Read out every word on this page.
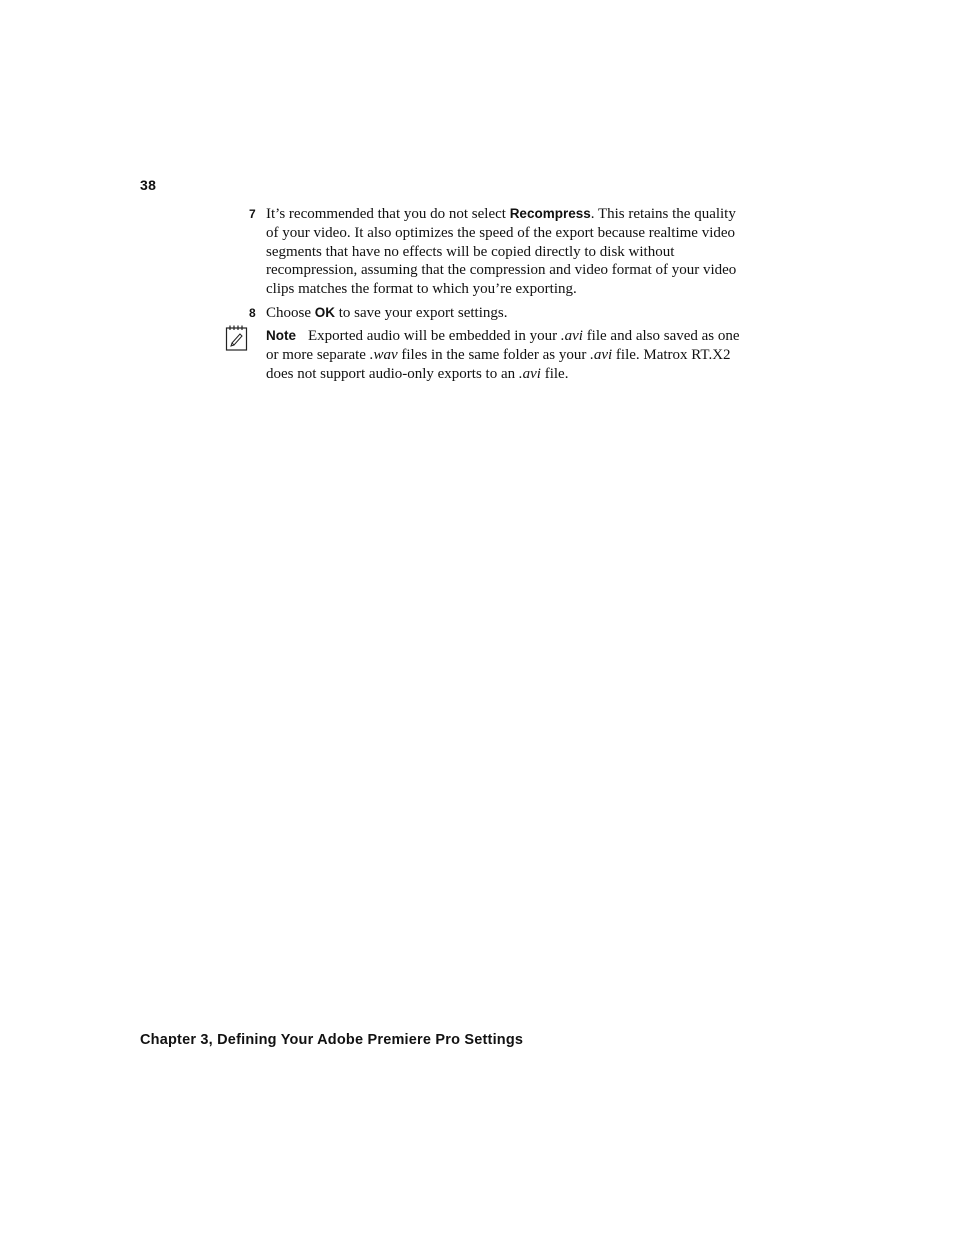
38
7 It’s recommended that you do not select Recompress. This retains the quality of your video. It also optimizes the speed of the export because realtime video segments that have no effects will be copied directly to disk without recompression, assuming that the compression and video format of your video clips matches the format to which you’re exporting.
8 Choose OK to save your export settings.
Note Exported audio will be embedded in your .avi file and also saved as one or more separate .wav files in the same folder as your .avi file. Matrox RT.X2 does not support audio-only exports to an .avi file.
Chapter 3, Defining Your Adobe Premiere Pro Settings
